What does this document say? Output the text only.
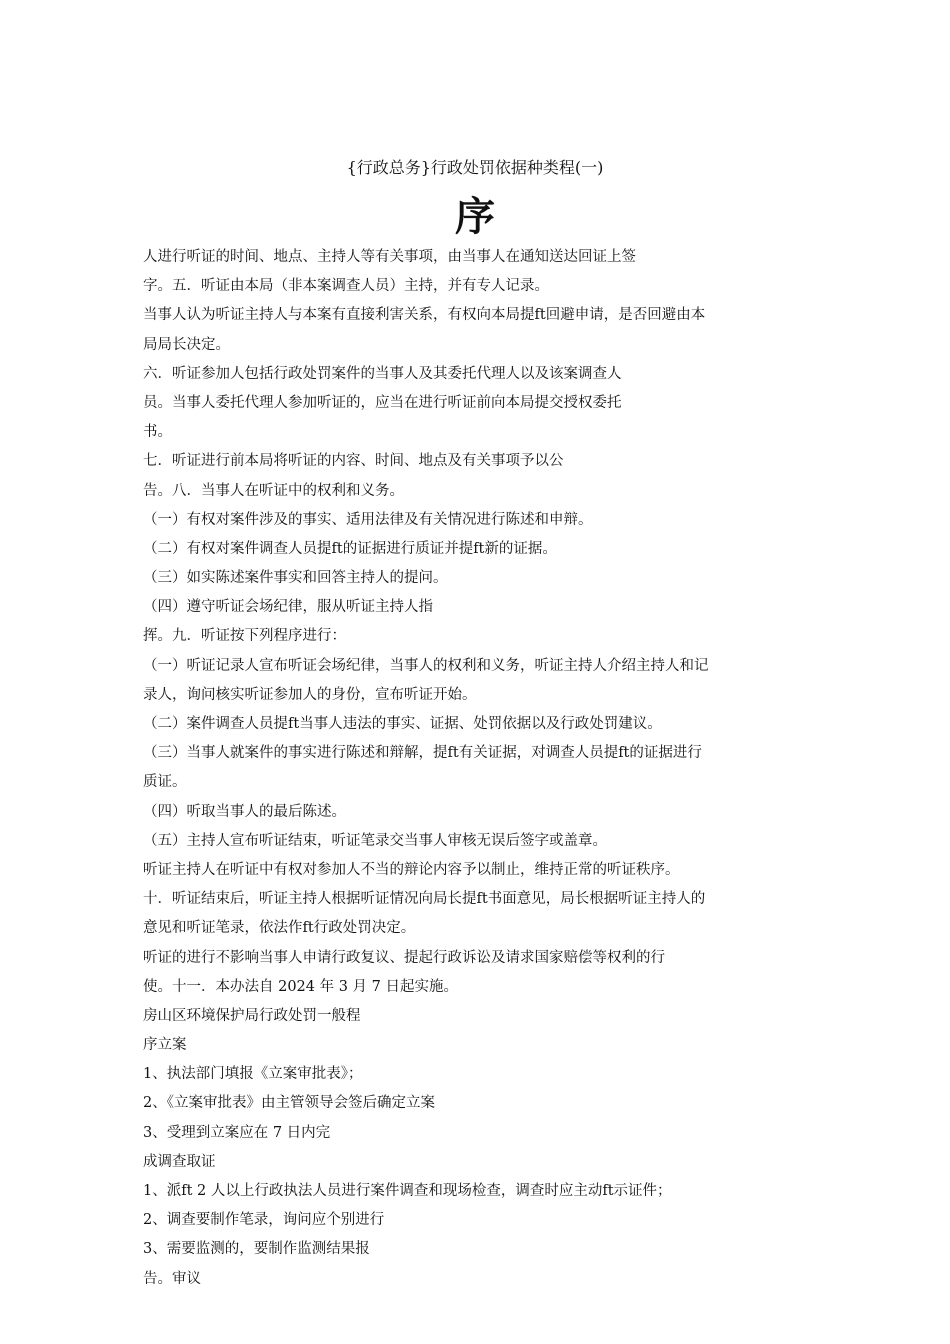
{行政总务}行政处罚依据种类程(一)
序
人进行听证的时间、地点、主持人等有关事项，由当事人在通知送达回证上签
字。五．听证由本局（非本案调查人员）主持，并有专人记录。
当事人认为听证主持人与本案有直接利害关系，有权向本局提ft回避申请，是否回避由本
局局长决定。
六．听证参加人包括行政处罚案件的当事人及其委托代理人以及该案调查人
员。当事人委托代理人参加听证的，应当在进行听证前向本局提交授权委托
书。
七．听证进行前本局将听证的内容、时间、地点及有关事项予以公
告。八．当事人在听证中的权利和义务。
（一）有权对案件涉及的事实、适用法律及有关情况进行陈述和申辩。
（二）有权对案件调查人员提ft的证据进行质证并提ft新的证据。
（三）如实陈述案件事实和回答主持人的提问。
（四）遵守听证会场纪律，服从听证主持人指
挥。九．听证按下列程序进行：
（一）听证记录人宣布听证会场纪律，当事人的权利和义务，听证主持人介绍主持人和记
录人，询问核实听证参加人的身份，宣布听证开始。
（二）案件调查人员提ft当事人违法的事实、证据、处罚依据以及行政处罚建议。
（三）当事人就案件的事实进行陈述和辩解，提ft有关证据，对调查人员提ft的证据进行
质证。
（四）听取当事人的最后陈述。
（五）主持人宣布听证结束，听证笔录交当事人审核无误后签字或盖章。
听证主持人在听证中有权对参加人不当的辩论内容予以制止，维持正常的听证秩序。
十．听证结束后，听证主持人根据听证情况向局长提ft书面意见，局长根据听证主持人的
意见和听证笔录，依法作ft行政处罚决定。
听证的进行不影响当事人申请行政复议、提起行政诉讼及请求国家赔偿等权利的行
使。十一．本办法自 2024 年 3 月 7 日起实施。
房山区环境保护局行政处罚一般程
序立案
1、执法部门填报《立案审批表》；
2、《立案审批表》由主管领导会签后确定立案
3、受理到立案应在 7 日内完
成调查取证
1、派ft 2 人以上行政执法人员进行案件调查和现场检查，调查时应主动ft示证件；
2、调查要制作笔录，询问应个别进行
3、需要监测的，要制作监测结果报
告。审议
